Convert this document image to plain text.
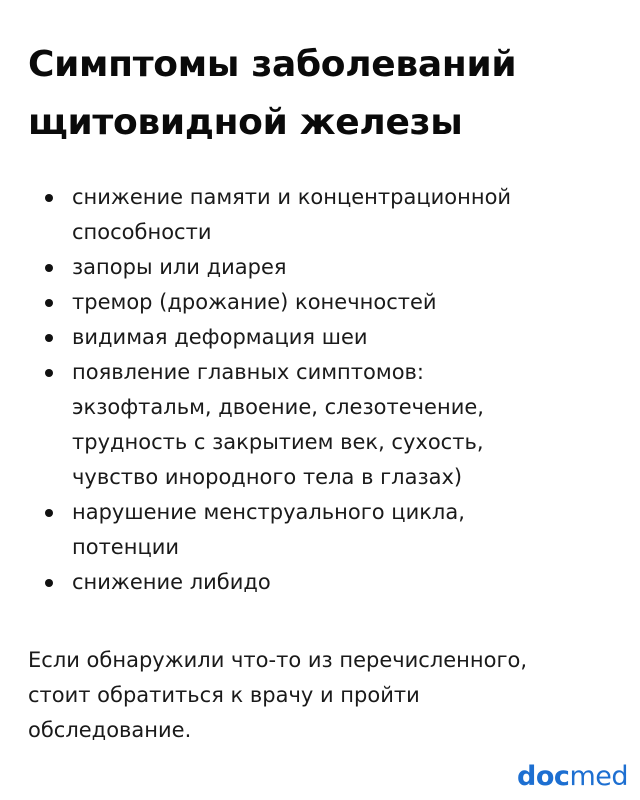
Симптомы заболеваний
щитовидной железы
снижение памяти и концентрационной
способности
запоры или диарея
тремор (дрожание) конечностей
видимая деформация шеи
появление главных симптомов:
экзофтальм, двоение, слезотечение,
трудность с закрытием век, сухость,
чувство инородного тела в глазах)
нарушение менструального цикла,
потенции
снижение либидо

Если обнаружили что-то из перечисленного,
стоит обратиться к врачу и пройти
обследование.

docmed
